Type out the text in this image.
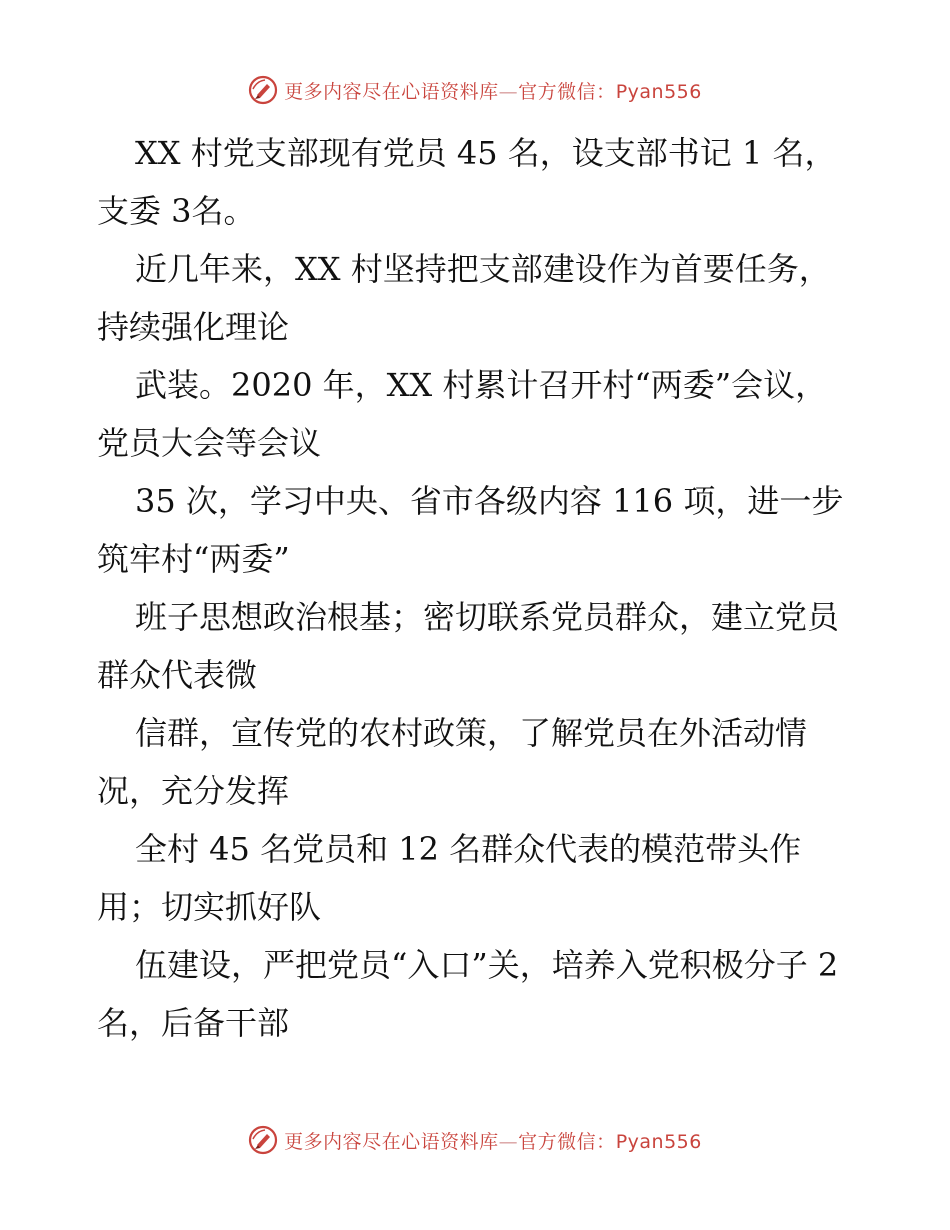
更多内容尽在心语资料库—官方微信：Pyan556

XX 村党支部现有党员 45 名，设支部书记 1 名，支委 3名。

近几年来，XX 村坚持把支部建设作为首要任务，持续强化理论

武装。2020 年，XX 村累计召开村“两委”会议，党员大会等会议

35 次，学习中央、省市各级内容 116 项，进一步筑牢村“两委”

班子思想政治根基；密切联系党员群众，建立党员群众代表微

信群，宣传党的农村政策，了解党员在外活动情况，充分发挥

全村 45 名党员和 12 名群众代表的模范带头作用；切实抓好队

伍建设，严把党员“入口”关，培养入党积极分子 2名，后备干部

更多内容尽在心语资料库—官方微信：Pyan556
